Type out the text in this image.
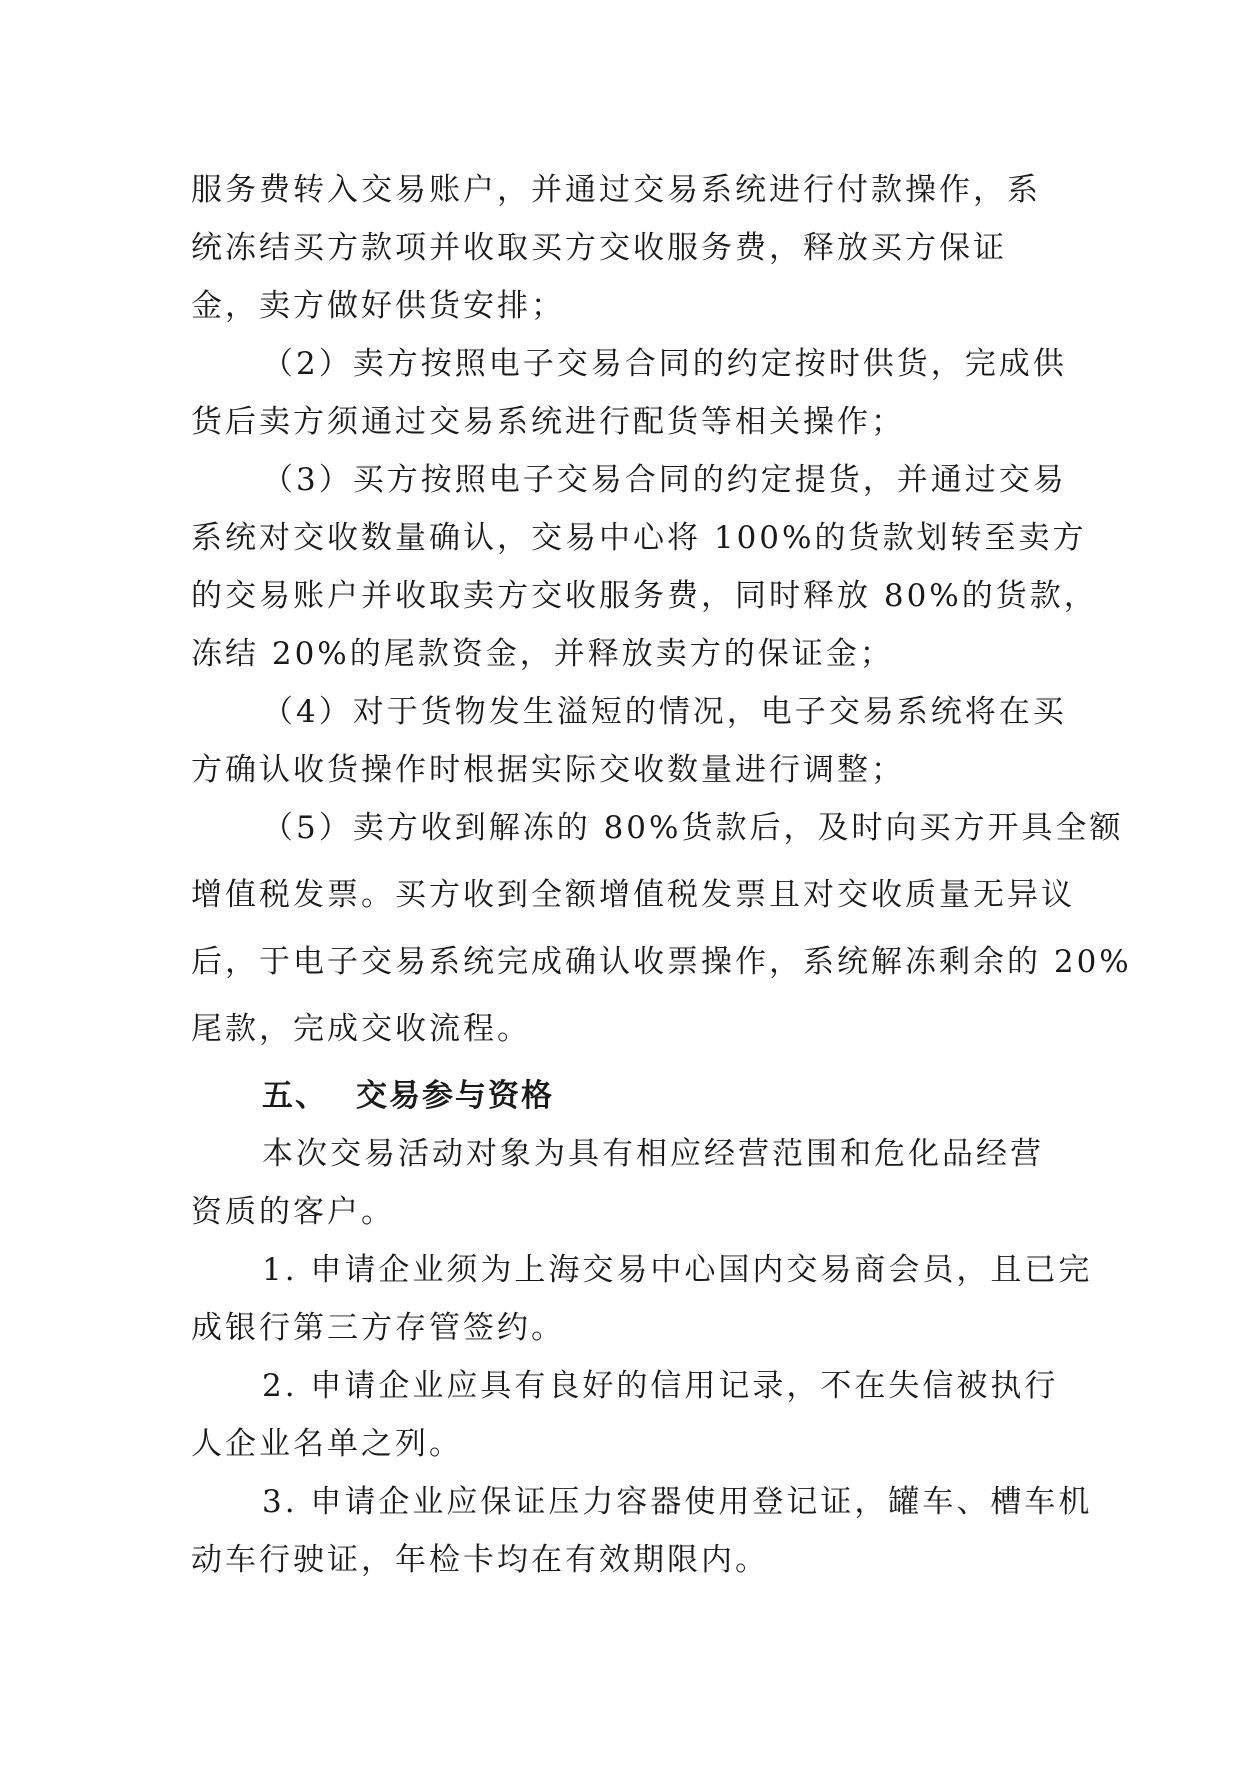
服务费转入交易账户，并通过交易系统进行付款操作，系
统冻结买方款项并收取买方交收服务费，释放买方保证
金，卖方做好供货安排；
（2）卖方按照电子交易合同的约定按时供货，完成供
货后卖方须通过交易系统进行配货等相关操作；
（3）买方按照电子交易合同的约定提货，并通过交易
系统对交收数量确认，交易中心将 100%的货款划转至卖方
的交易账户并收取卖方交收服务费，同时释放 80%的货款，
冻结 20%的尾款资金，并释放卖方的保证金；
（4）对于货物发生溢短的情况，电子交易系统将在买
方确认收货操作时根据实际交收数量进行调整；
（5）卖方收到解冻的 80%货款后，及时向买方开具全额
增值税发票。买方收到全额增值税发票且对交收质量无异议
后，于电子交易系统完成确认收票操作，系统解冻剩余的 20%
尾款，完成交收流程。
五、 交易参与资格
本次交易活动对象为具有相应经营范围和危化品经营
资质的客户。
1. 申请企业须为上海交易中心国内交易商会员，且已完
成银行第三方存管签约。
2. 申请企业应具有良好的信用记录，不在失信被执行
人企业名单之列。
3. 申请企业应保证压力容器使用登记证，罐车、槽车机
动车行驶证，年检卡均在有效期限内。
